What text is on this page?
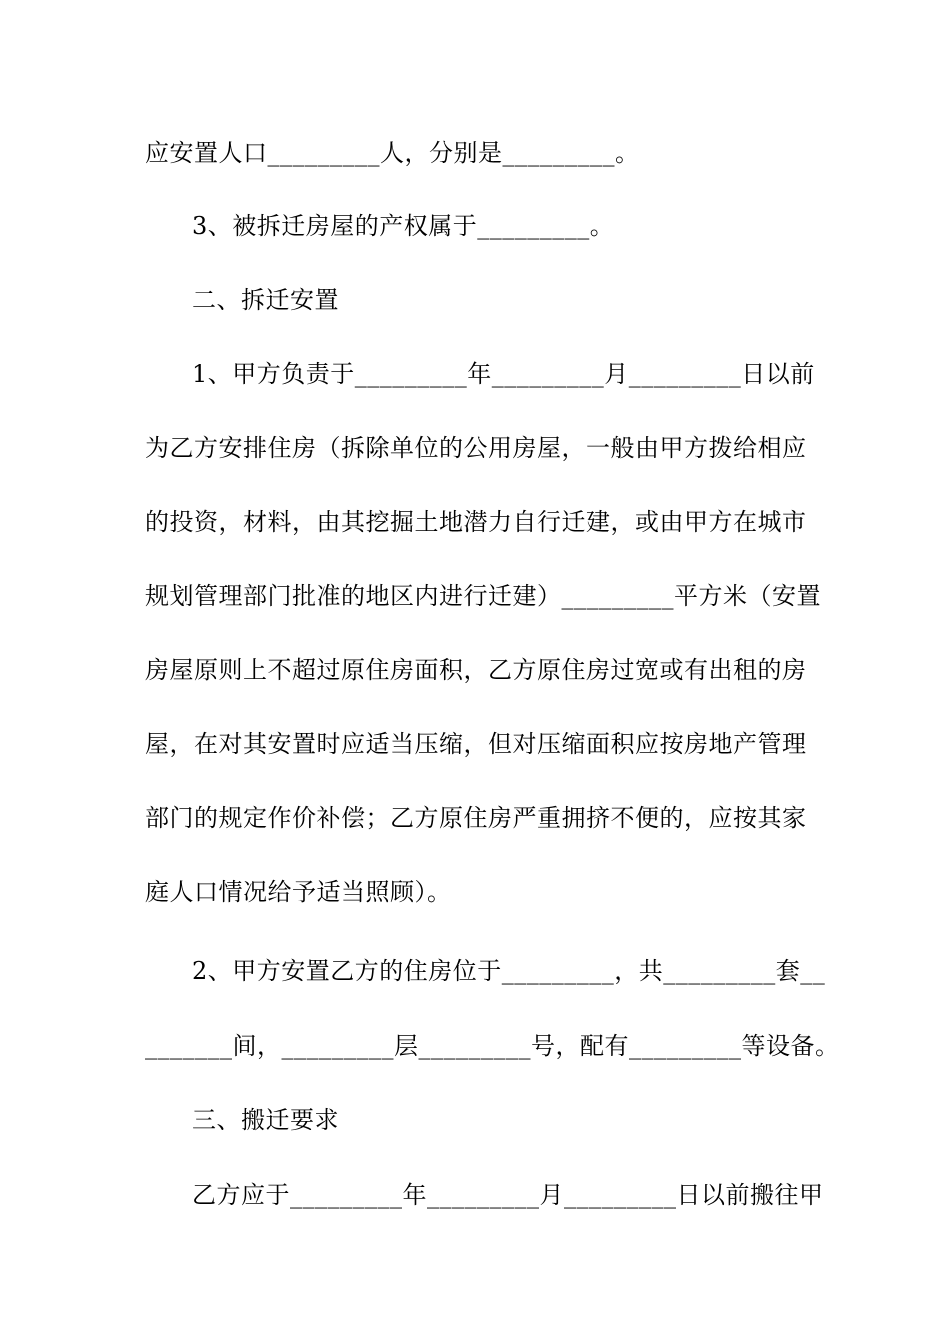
应安置人口_________人，分别是_________。
3、被拆迁房屋的产权属于_________。
二、拆迁安置
1、甲方负责于_________年_________月_________日以前
为乙方安排住房（拆除单位的公用房屋，一般由甲方拨给相应
的投资，材料，由其挖掘土地潜力自行迁建，或由甲方在城市
规划管理部门批准的地区内进行迁建）_________平方米（安置
房屋原则上不超过原住房面积，乙方原住房过宽或有出租的房
屋，在对其安置时应适当压缩，但对压缩面积应按房地产管理
部门的规定作价补偿；乙方原住房严重拥挤不便的，应按其家
庭人口情况给予适当照顾）。
2、甲方安置乙方的住房位于_________，共_________套__
_______间，_________层_________号，配有_________等设备。
三、搬迁要求
乙方应于_________年_________月_________日以前搬往甲
